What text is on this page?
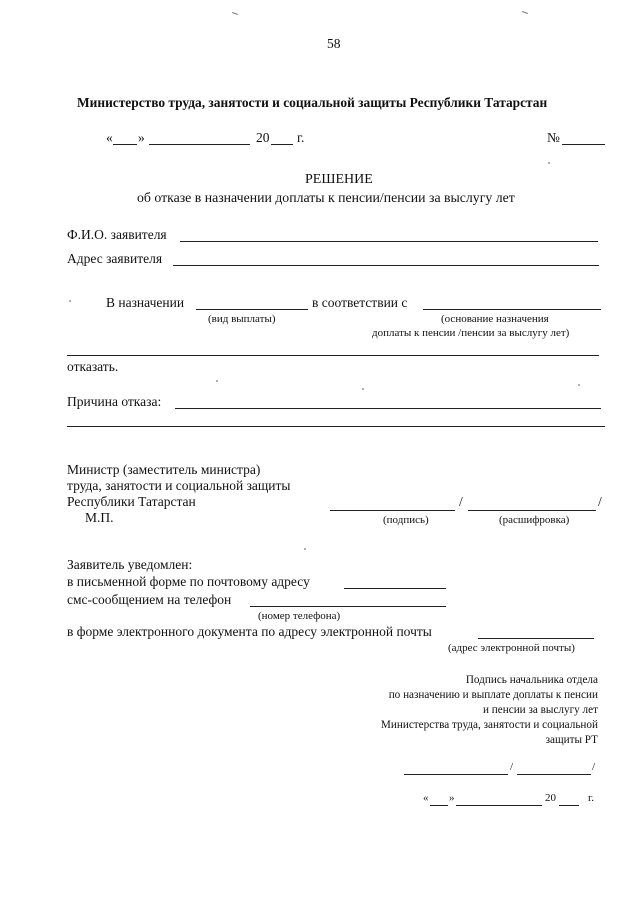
58
Министерство труда, занятости и социальной защиты Республики Татарстан
« »	20 г.	№
РЕШЕНИЕ
об отказе в назначении доплаты к пенсии/пенсии за выслугу лет
Ф.И.О. заявителя
Адрес заявителя
В назначении	в соответствии с
(вид выплаты)	(основание назначения
доплаты к пенсии /пенсии за выслугу лет)
отказать.
Причина отказа:
Министр (заместитель министра)
труда, занятости и социальной защиты
Республики Татарстан	/	/
М.П.	(подпись)	(расшифровка)
Заявитель уведомлен:
в письменной форме по почтовому адресу
смс-сообщением на телефон
(номер телефона)
в форме электронного документа по адресу электронной почты
(адрес электронной почты)
Подпись начальника отдела
по назначению и выплате доплаты к пенсии
и пенсии за выслугу лет
Министерства труда, занятости и социальной
защиты РТ
/	/
« »	20	г.
